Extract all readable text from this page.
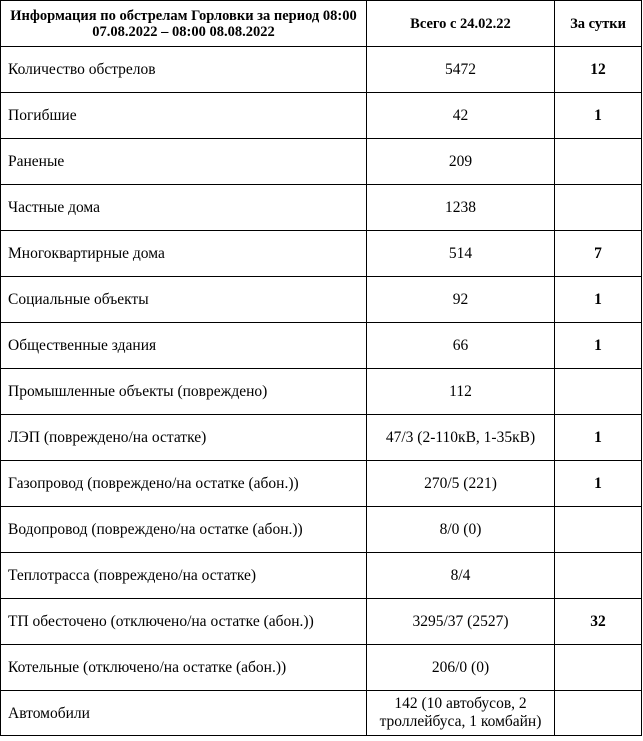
Информация по обстрелам Горловки за период 08:00 07.08.2022 – 08:00 08.08.2022	Всего с 24.02.22	За сутки
Количество обстрелов	5472	12
Погибшие	42	1
Раненые	209	
Частные дома	1238	
Многоквартирные дома	514	7
Социальные объекты	92	1
Общественные здания	66	1
Промышленные объекты (повреждено)	112	
ЛЭП (повреждено/на остатке)	47/3 (2-110кВ, 1-35кВ)	1
Газопровод (повреждено/на остатке (абон.))	270/5 (221)	1
Водопровод (повреждено/на остатке (абон.))	8/0 (0)	
Теплотрасса (повреждено/на остатке)	8/4	
ТП обесточено (отключено/на остатке (абон.))	3295/37 (2527)	32
Котельные (отключено/на остатке (абон.))	206/0 (0)	
Автомобили	142 (10 автобусов, 2 троллейбуса, 1 комбайн)	
